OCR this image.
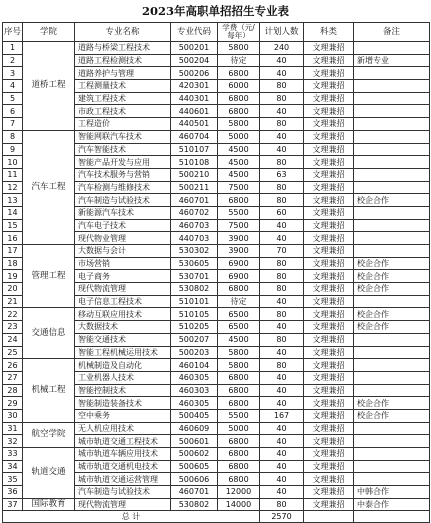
2023年高职单招招生专业表
序号	学院	专业名称	专业代码	学费（元/每年）	计划人数	科类	备注
1	道桥工程	道路与桥梁工程技术	500201	5800	240	文理兼招	
2		道路工程检测技术	500204	待定	40	文理兼招	新增专业
3		道路养护与管理	500206	6800	40	文理兼招	
4		工程测量技术	420301	6000	80	文理兼招	
5		建筑工程技术	440301	6800	80	文理兼招	
6		市政工程技术	440601	6800	40	文理兼招	
7		工程造价	440501	5800	80	文理兼招	
8	汽车工程	智能网联汽车技术	460704	5000	40	文理兼招	
9		汽车智能技术	510107	4500	40	文理兼招	
10		智能产品开发与应用	510108	4500	80	文理兼招	
11		汽车技术服务与营销	500210	4500	63	文理兼招	
12		汽车检测与维修技术	500211	7500	80	文理兼招	
13		汽车制造与试验技术	460701	6800	80	文理兼招	校企合作
14		新能源汽车技术	460702	5500	60	文理兼招	
15		汽车电子技术	460703	7500	40	文理兼招	
16		现代物业管理	440703	3900	40	文理兼招	
17	管理工程	大数据与会计	530302	3900	70	文理兼招	
18		市场营销	530605	6900	80	文理兼招	校企合作
19		电子商务	530701	6900	80	文理兼招	校企合作
20		现代物流管理	530802	6800	80	文理兼招	校企合作
21		电子信息工程技术	510101	待定	40	文理兼招	
22	交通信息	移动互联应用技术	510105	6500	80	文理兼招	校企合作
23		大数据技术	510205	6500	40	文理兼招	校企合作
24		智能交通技术	500207	4500	80	文理兼招	
25		智能工程机械运用技术	500203	5800	40	文理兼招	
26	机械工程	机械制造及自动化	460104	5800	80	文理兼招	
27		工业机器人技术	460305	6800	40	文理兼招	
28		智能控制技术	460303	6800	40	文理兼招	
29		智能制造装备技术	460305	6800	40	文理兼招	校企合作
30		空中乘务	500405	5500	167	文理兼招	校企合作
31	航空学院	无人机应用技术	460609	5000	40	文理兼招	
32		城市轨道交通工程技术	500601	6800	40	文理兼招	
33	轨道交通	城市轨道车辆应用技术	500602	6800	40	文理兼招	
34		城市轨道交通机电技术	500605	6800	40	文理兼招	
35		城市轨道交通运营管理	500606	6800	40	文理兼招	
36		汽车制造与试验技术	460701	12000	40	文理兼招	中韩合作
37	国际教育	现代物流管理	530802	14000	80	文理兼招	中泰合作
总 计					2570		
